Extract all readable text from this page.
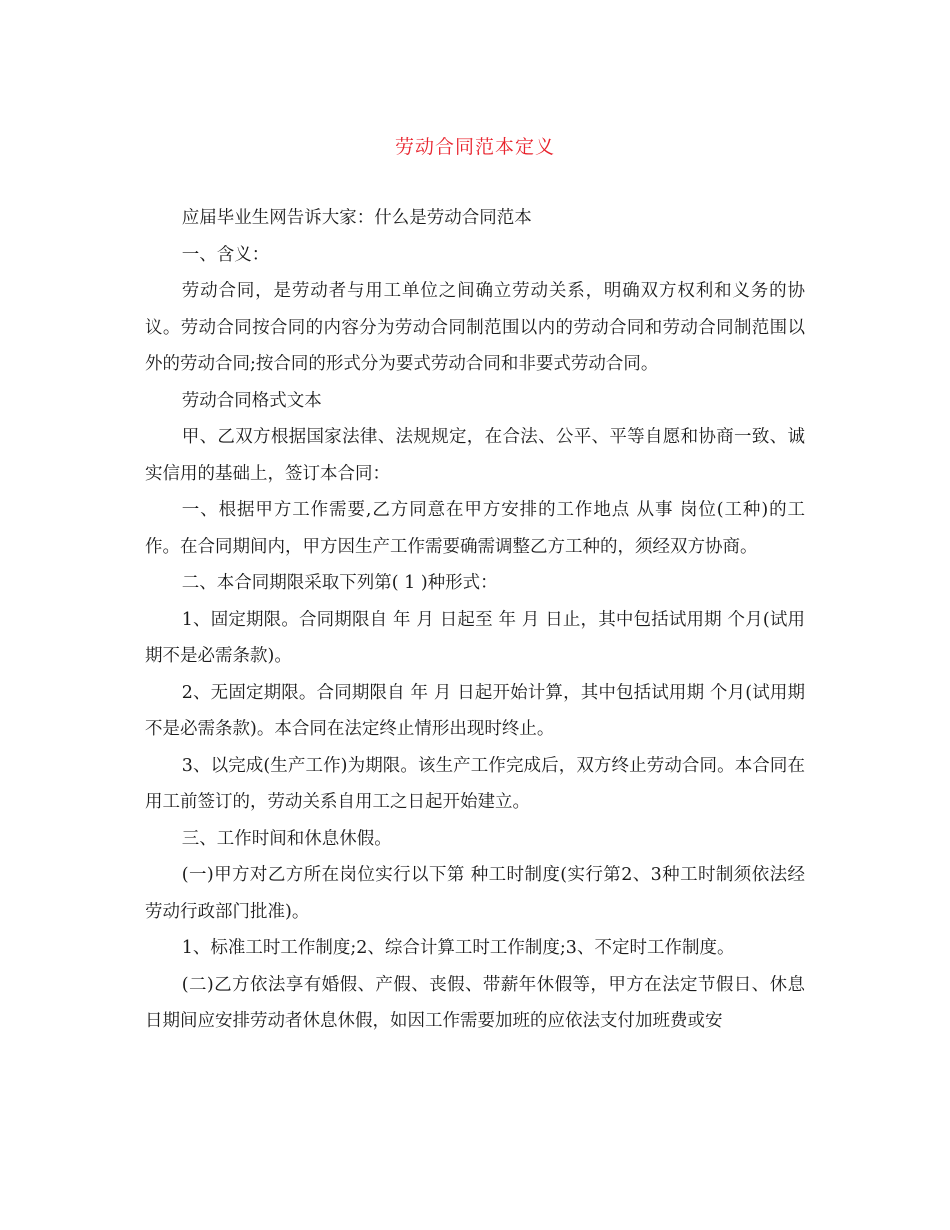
劳动合同范本定义

应届毕业生网告诉大家：什么是劳动合同范本

一、含义：

劳动合同，是劳动者与用工单位之间确立劳动关系，明确双方权利和义务的协议。劳动合同按合同的内容分为劳动合同制范围以内的劳动合同和劳动合同制范围以外的劳动合同;按合同的形式分为要式劳动合同和非要式劳动合同。

劳动合同格式文本

甲、乙双方根据国家法律、法规规定，在合法、公平、平等自愿和协商一致、诚实信用的基础上，签订本合同：

一、根据甲方工作需要,乙方同意在甲方安排的工作地点 从事 岗位(工种)的工作。在合同期间内，甲方因生产工作需要确需调整乙方工种的，须经双方协商。

二、本合同期限采取下列第( 1 )种形式：

1、固定期限。合同期限自 年 月 日起至 年 月 日止，其中包括试用期 个月(试用期不是必需条款)。

2、无固定期限。合同期限自 年 月 日起开始计算，其中包括试用期 个月(试用期不是必需条款)。本合同在法定终止情形出现时终止。

3、以完成(生产工作)为期限。该生产工作完成后，双方终止劳动合同。本合同在用工前签订的，劳动关系自用工之日起开始建立。

三、工作时间和休息休假。

(一)甲方对乙方所在岗位实行以下第 种工时制度(实行第2、3种工时制须依法经劳动行政部门批准)。

1、标准工时工作制度;2、综合计算工时工作制度;3、不定时工作制度。

(二)乙方依法享有婚假、产假、丧假、带薪年休假等，甲方在法定节假日、休息日期间应安排劳动者休息休假，如因工作需要加班的应依法支付加班费或安
